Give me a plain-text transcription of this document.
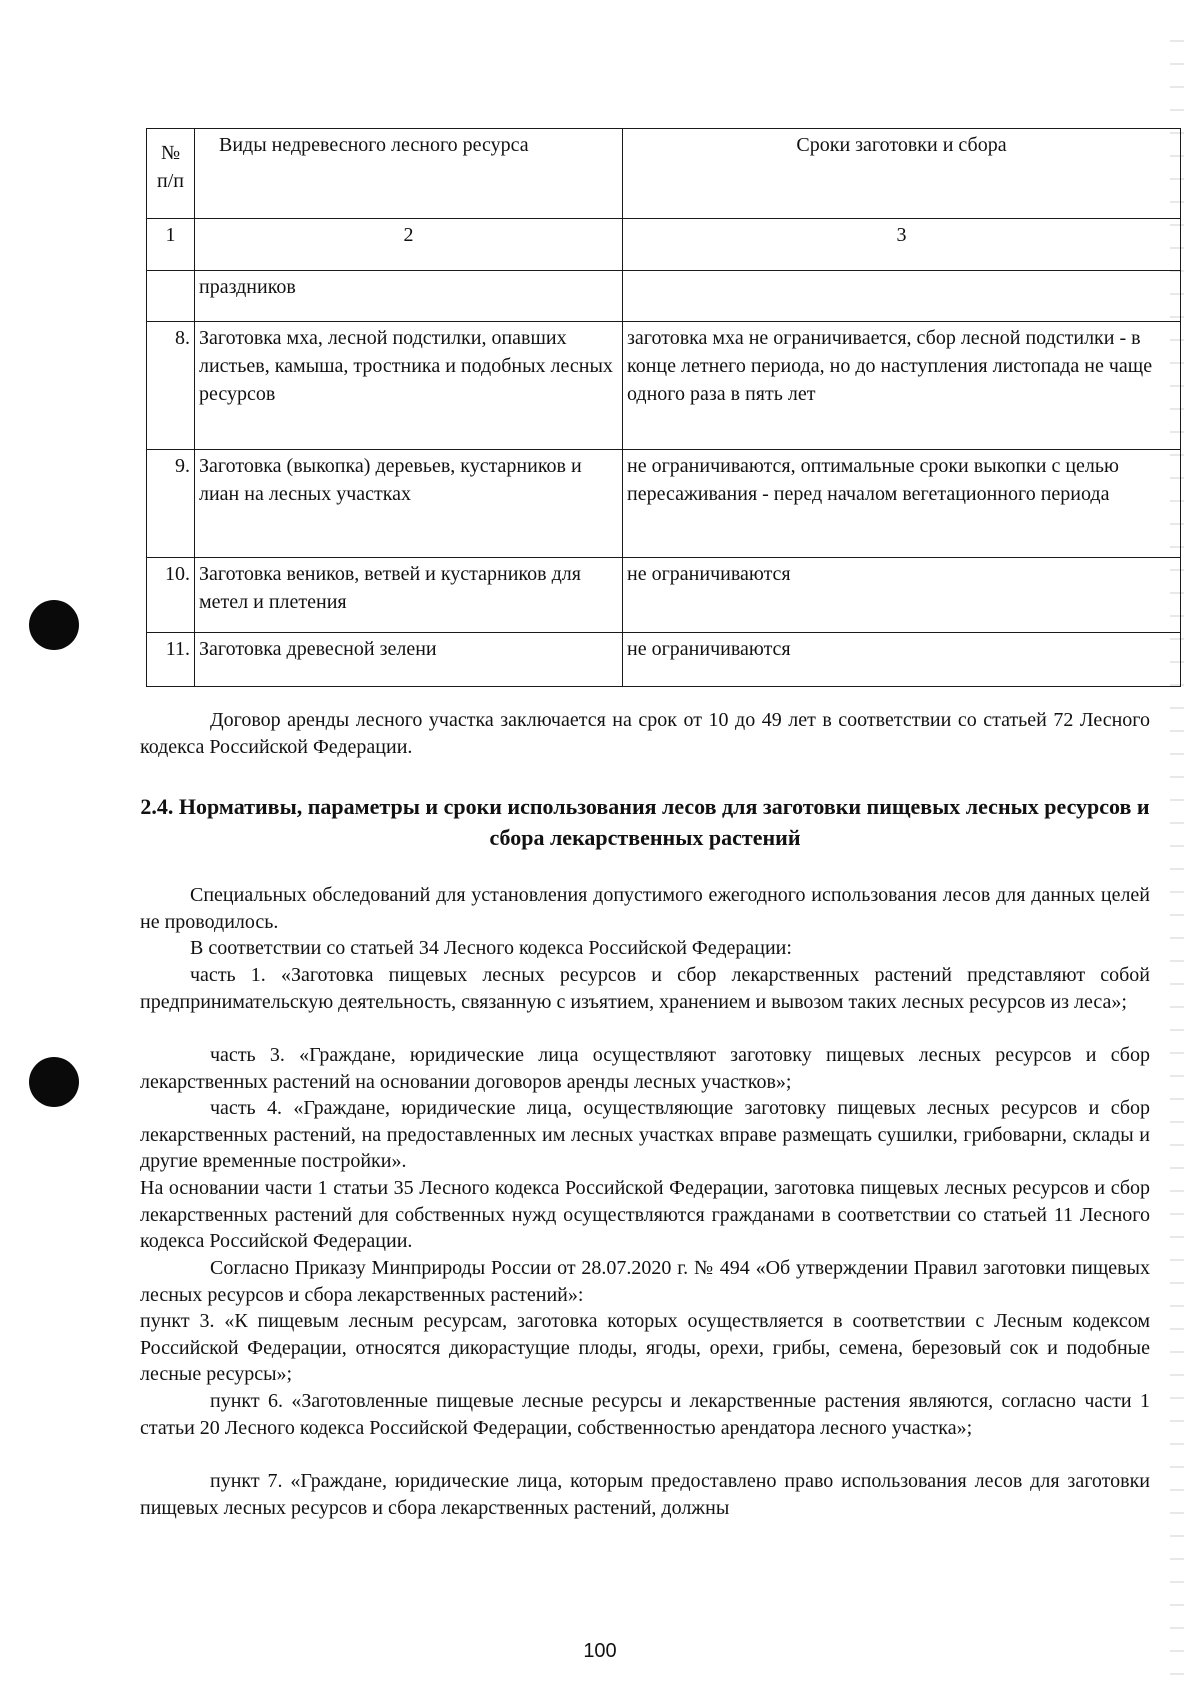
№ п/п	Виды недревесного лесного ресурса	Сроки заготовки и сбора
1	2	3
	праздников	
8.	Заготовка мха, лесной подстилки, опавших листьев, камыша, тростника и подобных лесных ресурсов	заготовка мха не ограничивается, сбор лесной подстилки - в конце летнего периода, но до наступления листопада не чаще одного раза в пять лет
9.	Заготовка (выкопка) деревьев, кустарников и лиан на лесных участках	не ограничиваются, оптимальные сроки выкопки с целью пересаживания - перед началом вегетационного периода
10.	Заготовка веников, ветвей и кустарников для метел и плетения	не ограничиваются
11.	Заготовка древесной зелени	не ограничиваются
Договор аренды лесного участка заключается на срок от 10 до 49 лет в соответствии со статьей 72 Лесного кодекса Российской Федерации.
2.4. Нормативы, параметры и сроки использования лесов для заготовки пищевых лесных ресурсов и сбора лекарственных растений
Специальных обследований для установления допустимого ежегодного использования лесов для данных целей не проводилось.
В соответствии со статьей 34 Лесного кодекса Российской Федерации:
часть 1. «Заготовка пищевых лесных ресурсов и сбор лекарственных растений представляют собой предпринимательскую деятельность, связанную с изъятием, хранением и вывозом таких лесных ресурсов из леса»;
часть 3. «Граждане, юридические лица осуществляют заготовку пищевых лесных ресурсов и сбор лекарственных растений на основании договоров аренды лесных участков»;
часть 4. «Граждане, юридические лица, осуществляющие заготовку пищевых лесных ресурсов и сбор лекарственных растений, на предоставленных им лесных участках вправе размещать сушилки, грибоварни, склады и другие временные постройки».
На основании части 1 статьи 35 Лесного кодекса Российской Федерации, заготовка пищевых лесных ресурсов и сбор лекарственных растений для собственных нужд осуществляются гражданами в соответствии со статьей 11 Лесного кодекса Российской Федерации.
Согласно Приказу Минприроды России от 28.07.2020 г. № 494 «Об утверждении Правил заготовки пищевых лесных ресурсов и сбора лекарственных растений»:
пункт 3. «К пищевым лесным ресурсам, заготовка которых осуществляется в соответствии с Лесным кодексом Российской Федерации, относятся дикорастущие плоды, ягоды, орехи, грибы, семена, березовый сок и подобные лесные ресурсы»;
пункт 6. «Заготовленные пищевые лесные ресурсы и лекарственные растения являются, согласно части 1 статьи 20 Лесного кодекса Российской Федерации, собственностью арендатора лесного участка»;
пункт 7. «Граждане, юридические лица, которым предоставлено право использования лесов для заготовки пищевых лесных ресурсов и сбора лекарственных растений, должны
100
